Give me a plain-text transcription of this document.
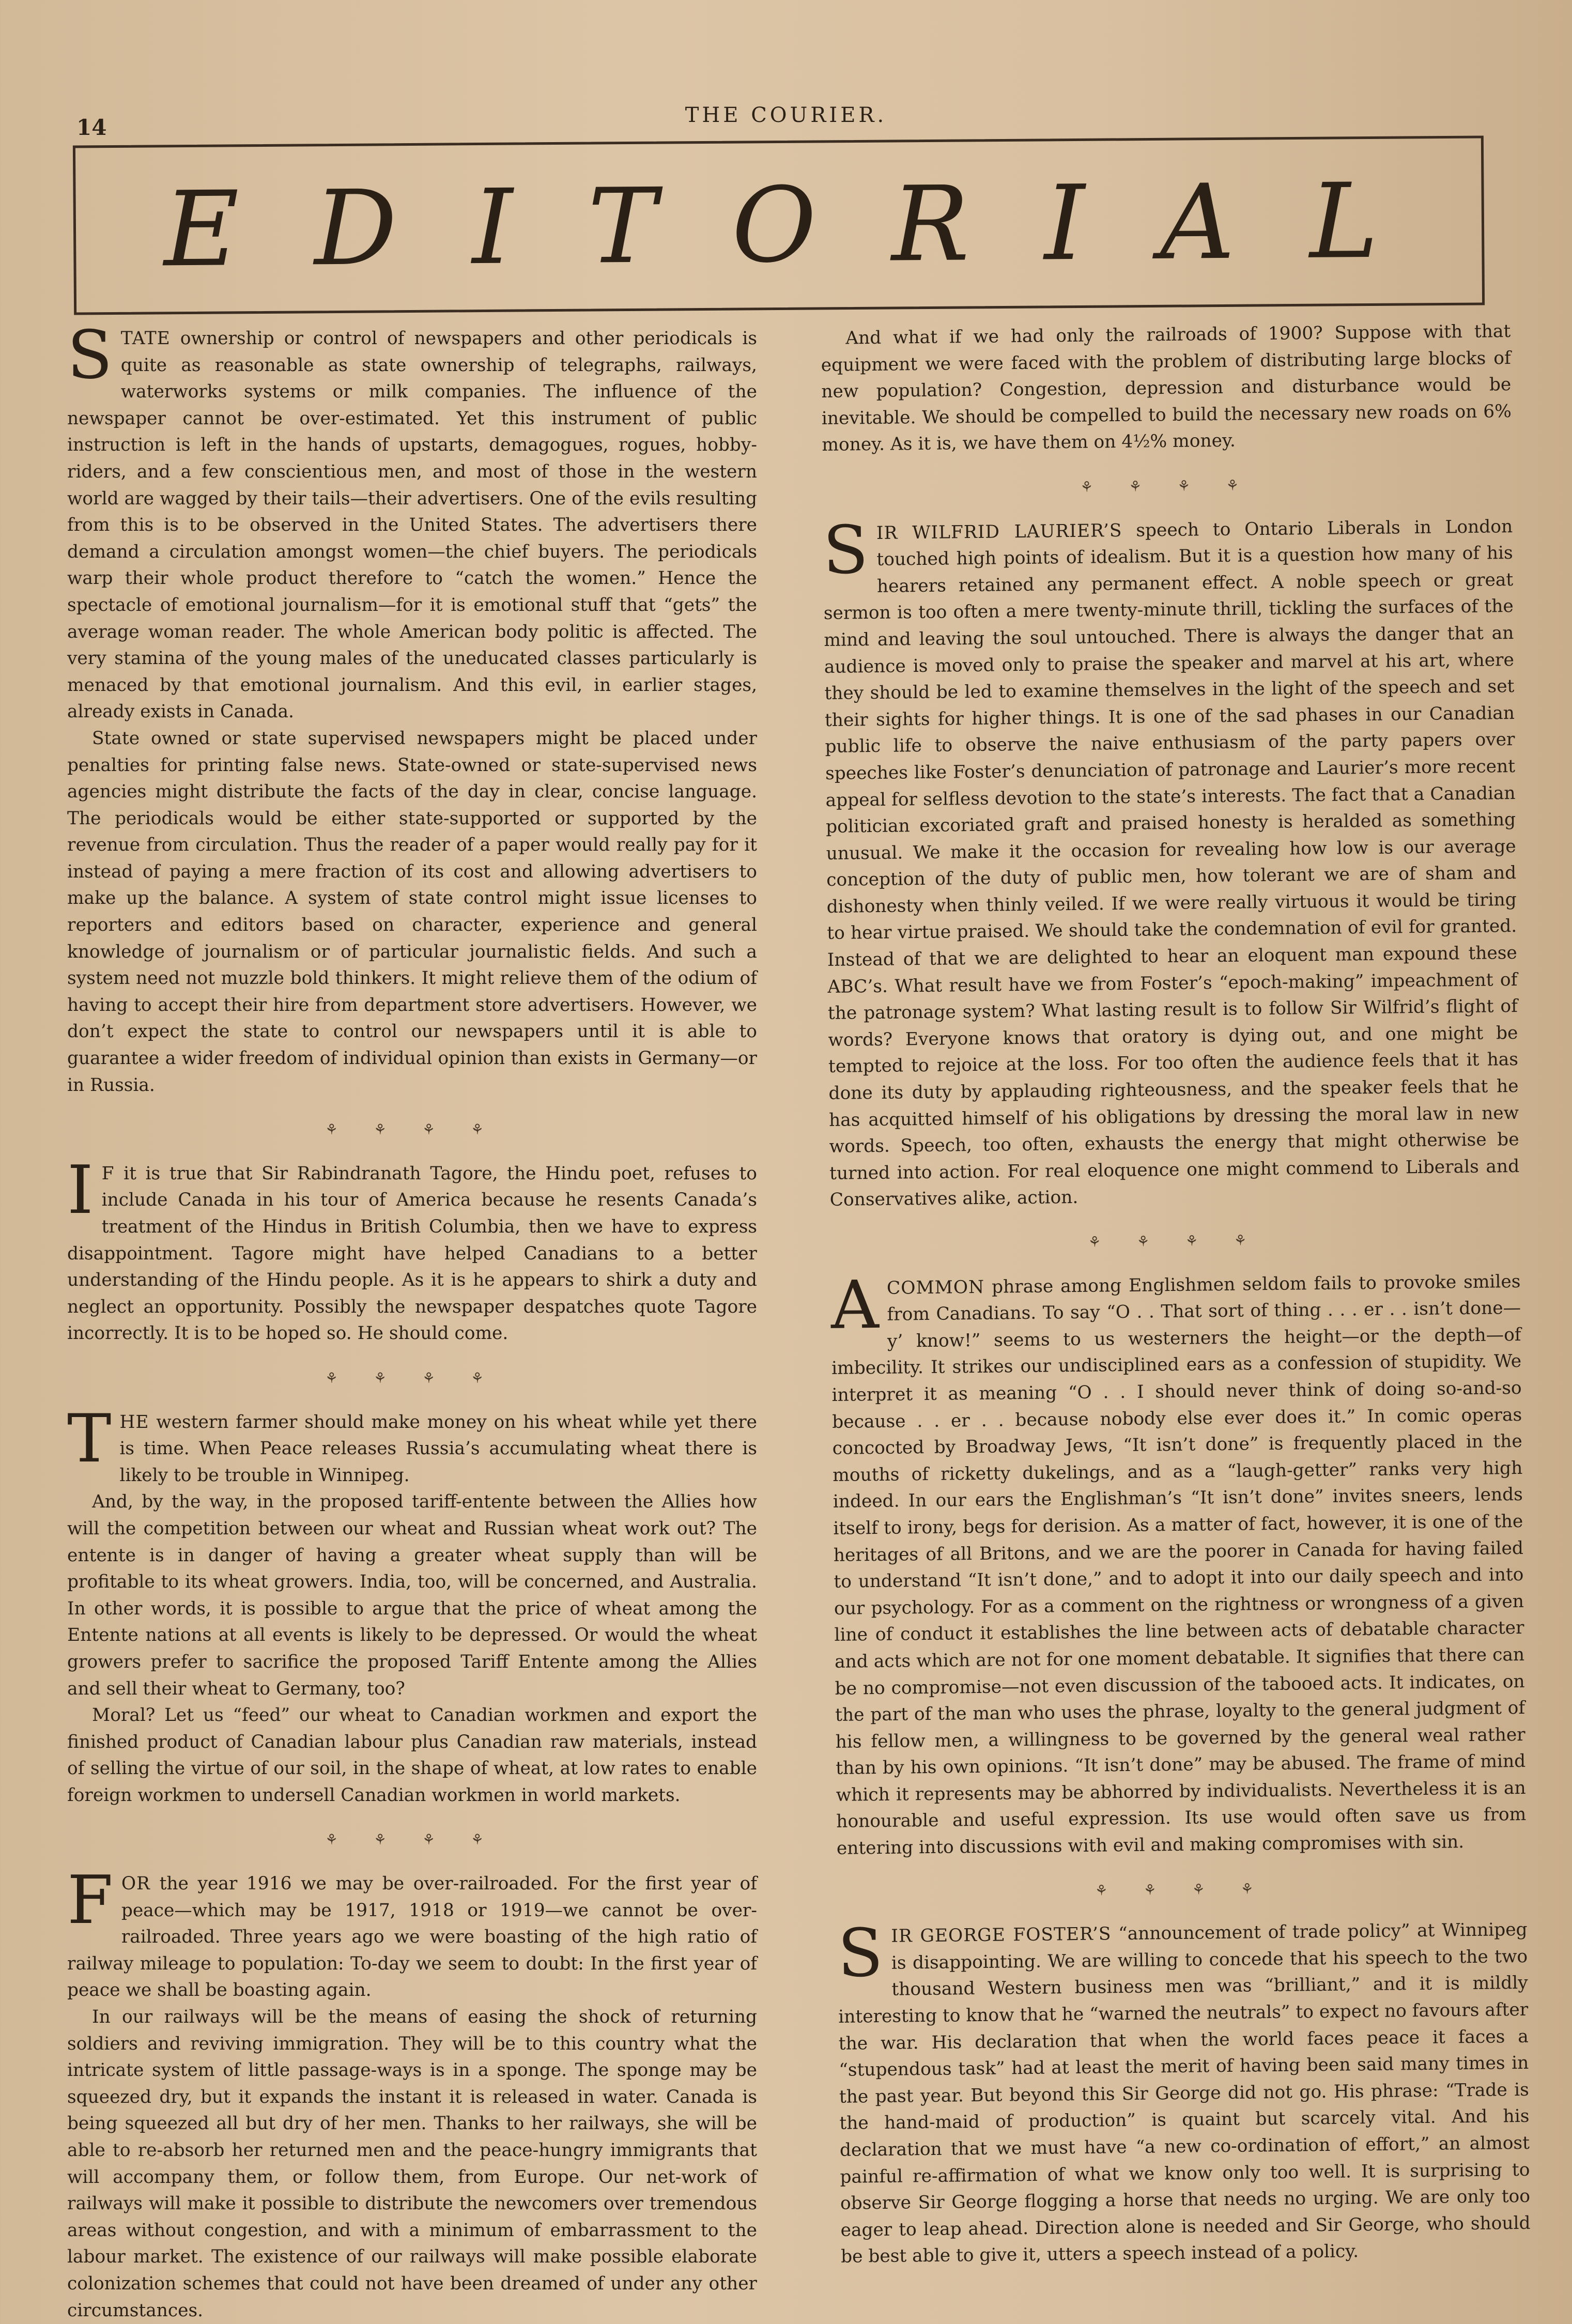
14	THE COURIER.
E D I T O R I A L

STATE ownership or control of newspapers and other periodicals is quite as reasonable as state ownership of telegraphs, railways, waterworks systems or milk companies. The influence of the newspaper cannot be over-estimated. Yet this instrument of public instruction is left in the hands of upstarts, demagogues, rogues, hobby-riders, and a few conscientious men, and most of those in the western world are wagged by their tails—their advertisers. One of the evils resulting from this is to be observed in the United States. The advertisers there demand a circulation amongst women—the chief buyers. The periodicals warp their whole product therefore to “catch the women.” Hence the spectacle of emotional journalism—for it is emotional stuff that “gets” the average woman reader. The whole American body politic is affected. The very stamina of the young males of the uneducated classes particularly is menaced by that emotional journalism. And this evil, in earlier stages, already exists in Canada.

State owned or state supervised newspapers might be placed under penalties for printing false news. State-owned or state-supervised news agencies might distribute the facts of the day in clear, concise language. The periodicals would be either state-supported or supported by the revenue from circulation. Thus the reader of a paper would really pay for it instead of paying a mere fraction of its cost and allowing advertisers to make up the balance. A system of state control might issue licenses to reporters and editors based on character, experience and general knowledge of journalism or of particular journalistic fields. And such a system need not muzzle bold thinkers. It might relieve them of the odium of having to accept their hire from department store advertisers. However, we don’t expect the state to control our newspapers until it is able to guarantee a wider freedom of individual opinion than exists in Germany—or in Russia.

⚘ ⚘ ⚘ ⚘

I F it is true that Sir Rabindranath Tagore, the Hindu poet, refuses to include Canada in his tour of America because he resents Canada’s treatment of the Hindus in British Columbia, then we have to express disappointment. Tagore might have helped Canadians to a better understanding of the Hindu people. As it is he appears to shirk a duty and neglect an opportunity. Possibly the newspaper despatches quote Tagore incorrectly. It is to be hoped so. He should come.

⚘ ⚘ ⚘ ⚘

THE western farmer should make money on his wheat while yet there is time. When Peace releases Russia’s accumulating wheat there is likely to be trouble in Winnipeg.

And, by the way, in the proposed tariff-entente between the Allies how will the competition between our wheat and Russian wheat work out? The entente is in danger of having a greater wheat supply than will be profitable to its wheat growers. India, too, will be concerned, and Australia. In other words, it is possible to argue that the price of wheat among the Entente nations at all events is likely to be depressed. Or would the wheat growers prefer to sacrifice the proposed Tariff Entente among the Allies and sell their wheat to Germany, too?

Moral? Let us “feed” our wheat to Canadian workmen and export the finished product of Canadian labour plus Canadian raw materials, instead of selling the virtue of our soil, in the shape of wheat, at low rates to enable foreign workmen to undersell Canadian workmen in world markets.

⚘ ⚘ ⚘ ⚘

FOR the year 1916 we may be over-railroaded. For the first year of peace—which may be 1917, 1918 or 1919—we cannot be over-railroaded. Three years ago we were boasting of the high ratio of railway mileage to population: To-day we seem to doubt: In the first year of peace we shall be boasting again.

In our railways will be the means of easing the shock of returning soldiers and reviving immigration. They will be to this country what the intricate system of little passage-ways is in a sponge. The sponge may be squeezed dry, but it expands the instant it is released in water. Canada is being squeezed all but dry of her men. Thanks to her railways, she will be able to re-absorb her returned men and the peace-hungry immigrants that will accompany them, or follow them, from Europe. Our net-work of railways will make it possible to distribute the newcomers over tremendous areas without congestion, and with a minimum of embarrassment to the labour market. The existence of our railways will make possible elaborate colonization schemes that could not have been dreamed of under any other circumstances.

And what if we had only the railroads of 1900? Suppose with that equipment we were faced with the problem of distributing large blocks of new population? Congestion, depression and disturbance would be inevitable. We should be compelled to build the necessary new roads on 6% money. As it is, we have them on 4½% money.

⚘ ⚘ ⚘ ⚘

SIR WILFRID LAURIER’S speech to Ontario Liberals in London touched high points of idealism. But it is a question how many of his hearers retained any permanent effect. A noble speech or great sermon is too often a mere twenty-minute thrill, tickling the surfaces of the mind and leaving the soul untouched. There is always the danger that an audience is moved only to praise the speaker and marvel at his art, where they should be led to examine themselves in the light of the speech and set their sights for higher things. It is one of the sad phases in our Canadian public life to observe the naive enthusiasm of the party papers over speeches like Foster’s denunciation of patronage and Laurier’s more recent appeal for selfless devotion to the state’s interests. The fact that a Canadian politician excoriated graft and praised honesty is heralded as something unusual. We make it the occasion for revealing how low is our average conception of the duty of public men, how tolerant we are of sham and dishonesty when thinly veiled. If we were really virtuous it would be tiring to hear virtue praised. We should take the condemnation of evil for granted. Instead of that we are delighted to hear an eloquent man expound these ABC’s. What result have we from Foster’s “epoch-making” impeachment of the patronage system? What lasting result is to follow Sir Wilfrid’s flight of words? Everyone knows that oratory is dying out, and one might be tempted to rejoice at the loss. For too often the audience feels that it has done its duty by applauding righteousness, and the speaker feels that he has acquitted himself of his obligations by dressing the moral law in new words. Speech, too often, exhausts the energy that might otherwise be turned into action. For real eloquence one might commend to Liberals and Conservatives alike, action.

⚘ ⚘ ⚘ ⚘

ACOMMON phrase among Englishmen seldom fails to provoke smiles from Canadians. To say “O . . That sort of thing . . . er . . isn’t done—y’ know!” seems to us westerners the height—or the depth—of imbecility. It strikes our undisciplined ears as a confession of stupidity. We interpret it as meaning “O . . I should never think of doing so-and-so because . . er . . because nobody else ever does it.” In comic operas concocted by Broadway Jews, “It isn’t done” is frequently placed in the mouths of ricketty dukelings, and as a “laugh-getter” ranks very high indeed. In our ears the Englishman’s “It isn’t done” invites sneers, lends itself to irony, begs for derision. As a matter of fact, however, it is one of the heritages of all Britons, and we are the poorer in Canada for having failed to understand “It isn’t done,” and to adopt it into our daily speech and into our psychology. For as a comment on the rightness or wrongness of a given line of conduct it establishes the line between acts of debatable character and acts which are not for one moment debatable. It signifies that there can be no compromise—not even discussion of the tabooed acts. It indicates, on the part of the man who uses the phrase, loyalty to the general judgment of his fellow men, a willingness to be governed by the general weal rather than by his own opinions. “It isn’t done” may be abused. The frame of mind which it represents may be abhorred by individualists. Nevertheless it is an honourable and useful expression. Its use would often save us from entering into discussions with evil and making compromises with sin.

⚘ ⚘ ⚘ ⚘

SIR GEORGE FOSTER’S “announcement of trade policy” at Winnipeg is disappointing. We are willing to concede that his speech to the two thousand Western business men was “brilliant,” and it is mildly interesting to know that he “warned the neutrals” to expect no favours after the war. His declaration that when the world faces peace it faces a “stupendous task” had at least the merit of having been said many times in the past year. But beyond this Sir George did not go. His phrase: “Trade is the hand-maid of production” is quaint but scarcely vital. And his declaration that we must have “a new co-ordination of effort,” an almost painful re-affirmation of what we know only too well. It is surprising to observe Sir George flogging a horse that needs no urging. We are only too eager to leap ahead. Direction alone is needed and Sir George, who should be best able to give it, utters a speech instead of a policy.
